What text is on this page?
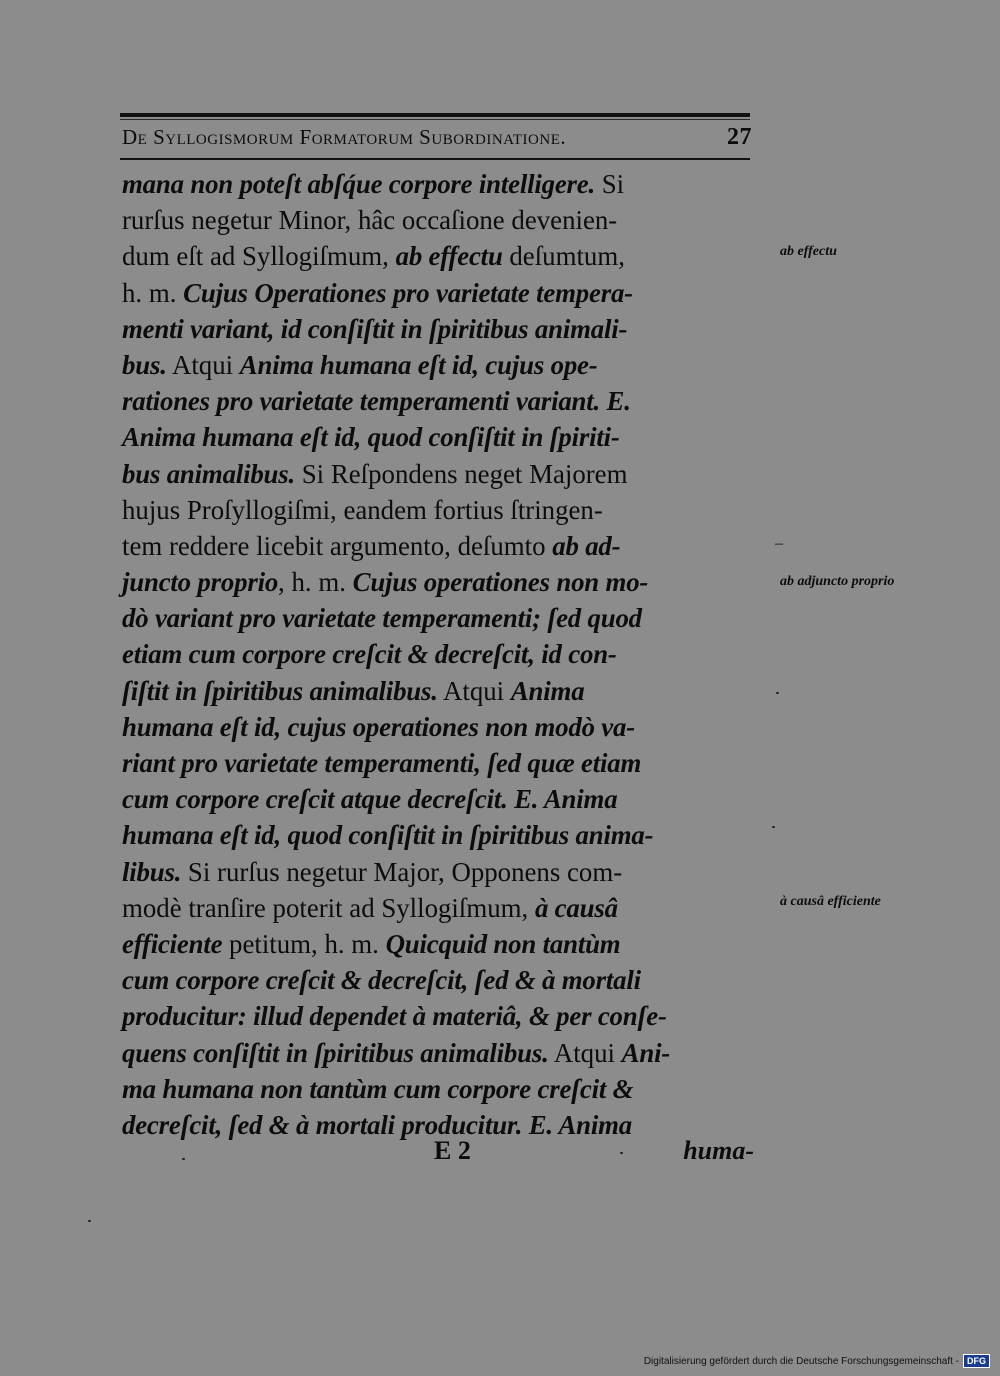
De Syllogismorum Formatorum Subordinatione.	27
mana non poteſt abſq́ue corpore intelligere. Si
rurſus negetur Minor, hâc occaſione devenien-
dum eſt ad Syllogiſmum, ab effectu deſumtum,
h. m. Cujus Operationes pro varietate tempera-
menti variant, id conſiſtit in ſpiritibus animali-
bus. Atqui Anima humana eſt id, cujus ope-
rationes pro varietate temperamenti variant. E.
Anima humana eſt id, quod conſiſtit in ſpiriti-
bus animalibus. Si Reſpondens neget Majorem
hujus Proſyllogiſmi, eandem fortius ſtringen-
tem reddere licebit argumento, deſumto ab ad-
juncto proprio, h. m. Cujus operationes non mo-
dò variant pro varietate temperamenti; ſed quod
etiam cum corpore creſcit & decreſcit, id con-
ſiſtit in ſpiritibus animalibus. Atqui Anima
humana eſt id, cujus operationes non modò va-
riant pro varietate temperamenti, ſed quæ etiam
cum corpore creſcit atque decreſcit. E. Anima
humana eſt id, quod conſiſtit in ſpiritibus anima-
libus. Si rurſus negetur Major, Opponens com-
modè tranſire poterit ad Syllogiſmum, à causâ
efficiente petitum, h. m. Quicquid non tantùm
cum corpore creſcit & decreſcit, ſed & à mortali
producitur: illud dependet à materiâ, & per conſe-
quens conſiſtit in ſpiritibus animalibus. Atqui Ani-
ma humana non tantùm cum corpore creſcit &
decreſcit, ſed & à mortali producitur. E. Anima
ab effectu
–
ab adjuncto proprio
à causâ efficiente
E 2	huma-
Digitalisierung gefördert durch die Deutsche Forschungsgemeinschaft - DFG
